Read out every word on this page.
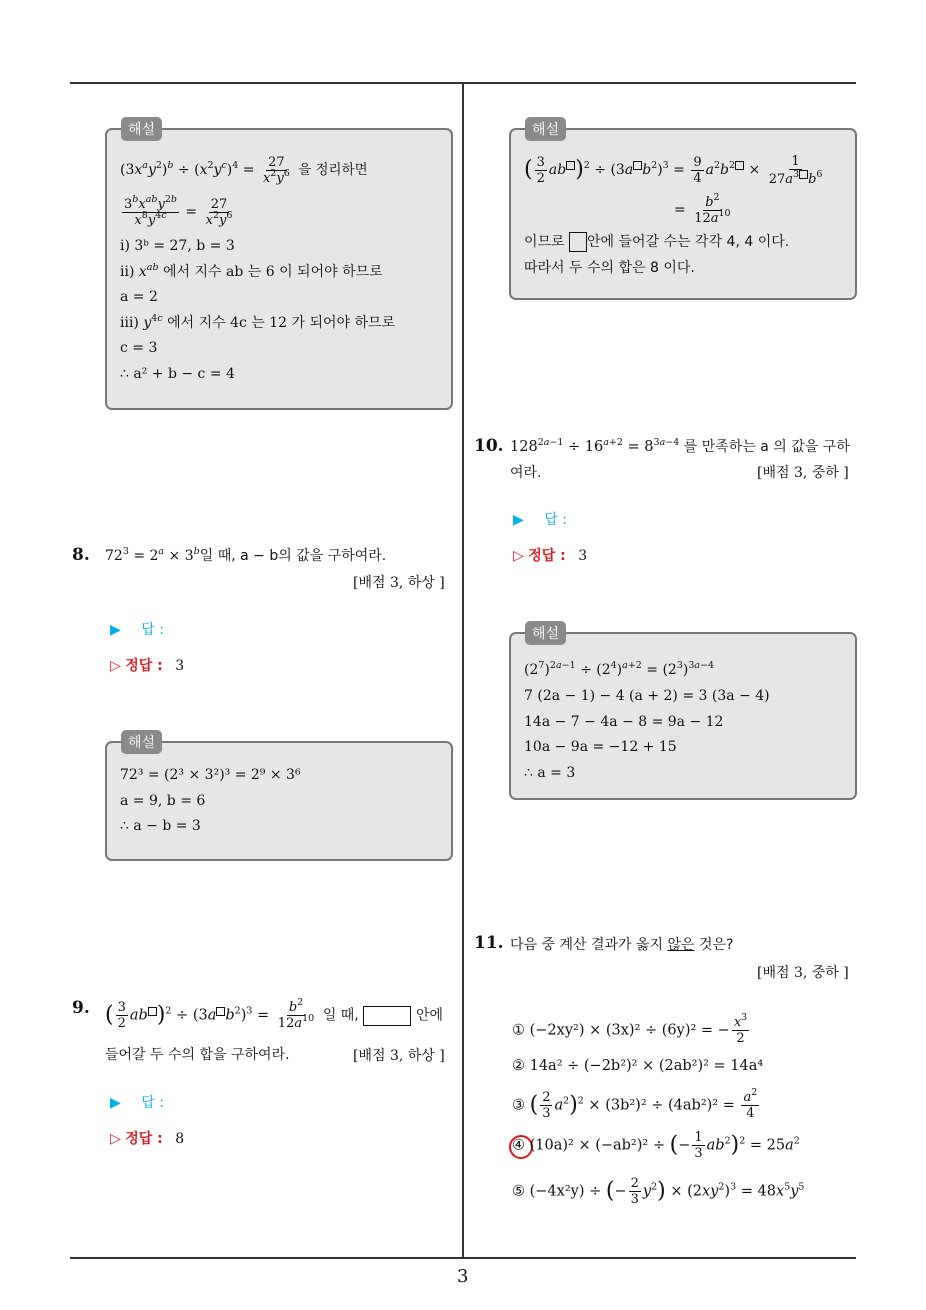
해설
$(3x^ay^2)^b \div (x^2y^c)^4 = \frac{27}{x^2y^6}$ 을 정리하면
$\frac{3^bx^{ab}y^{2b}}{x^8y^{4c}} = \frac{27}{x^2y^6}$
ⅰ) 3ᵇ = 27, b = 3
ⅱ) $x^{ab}$ 에서 지수 ab 는 6 이 되어야 하므로
a = 2
ⅲ) $y^{4c}$ 에서 지수 4c 는 12 가 되어야 하므로
c = 3
∴ a² + b − c = 4
8. $72^3 = 2^a \times 3^b$일 때, a − b의 값을 구하여라.
[배점 3, 하상 ]
▶ 답 :
▷ 정답 : 3
해설
72³ = (2³ × 3²)³ = 2⁹ × 3⁶
a = 9, b = 6
∴ a − b = 3
9. ( $\frac{3}{2}$ ab )$^2$ ÷ (3a $b^2)^3 = \frac{b^2}{12a^{10}}$ 일 때,	안에
들어갈 두 수의 합을 구하여라.	[배점 3, 하상 ]
▶ 답 :
▷ 정답 : 8
해설
( $\frac{3}{2}$ ab )$^2$ ÷ (3a $b^2)^3 = \frac{9}{4} a^2b^2 \times \frac{1}{27a^3 b^6}$
= $\frac{b^2}{12a^{10}}$
이므로 안에 들어갈 수는 각각 4, 4 이다.
따라서 두 수의 합은 8 이다.
10. $128^{2a-1} \div 16^{a+2} = 8^{3a-4}$ 를 만족하는 a 의 값을 구하
여라.	[배점 3, 중하 ]
▶ 답 :
▷ 정답 : 3
해설
$(2^7)^{2a-1} \div (2^4)^{a+2} = (2^3)^{3a-4}$
7 (2a − 1) − 4 (a + 2) = 3 (3a − 4)
14a − 7 − 4a − 8 = 9a − 12
10a − 9a = −12 + 15
∴ a = 3
11. 다음 중 계산 결과가 옳지 않은 것은?
[배점 3, 중하 ]
① (−2xy²) × (3x)² ÷ (6y)² = − $\frac{x^3}{2}$
② 14a² ÷ (−2b²)² × (2ab²)² = 14a⁴
③ ( $\frac{2}{3} a^2)^2 \times (3b^2)^2 \div (4ab^2)^2 = \frac{a^2}{4}$
④ (10a)² × (−ab²)² ÷ (− $\frac{1}{3} ab^2)^2 = 25a^2$
⑤ (−4x²y) ÷ (− $\frac{2}{3} y^2) \times (2xy^2)^3 = 48x^5y^5$
3
